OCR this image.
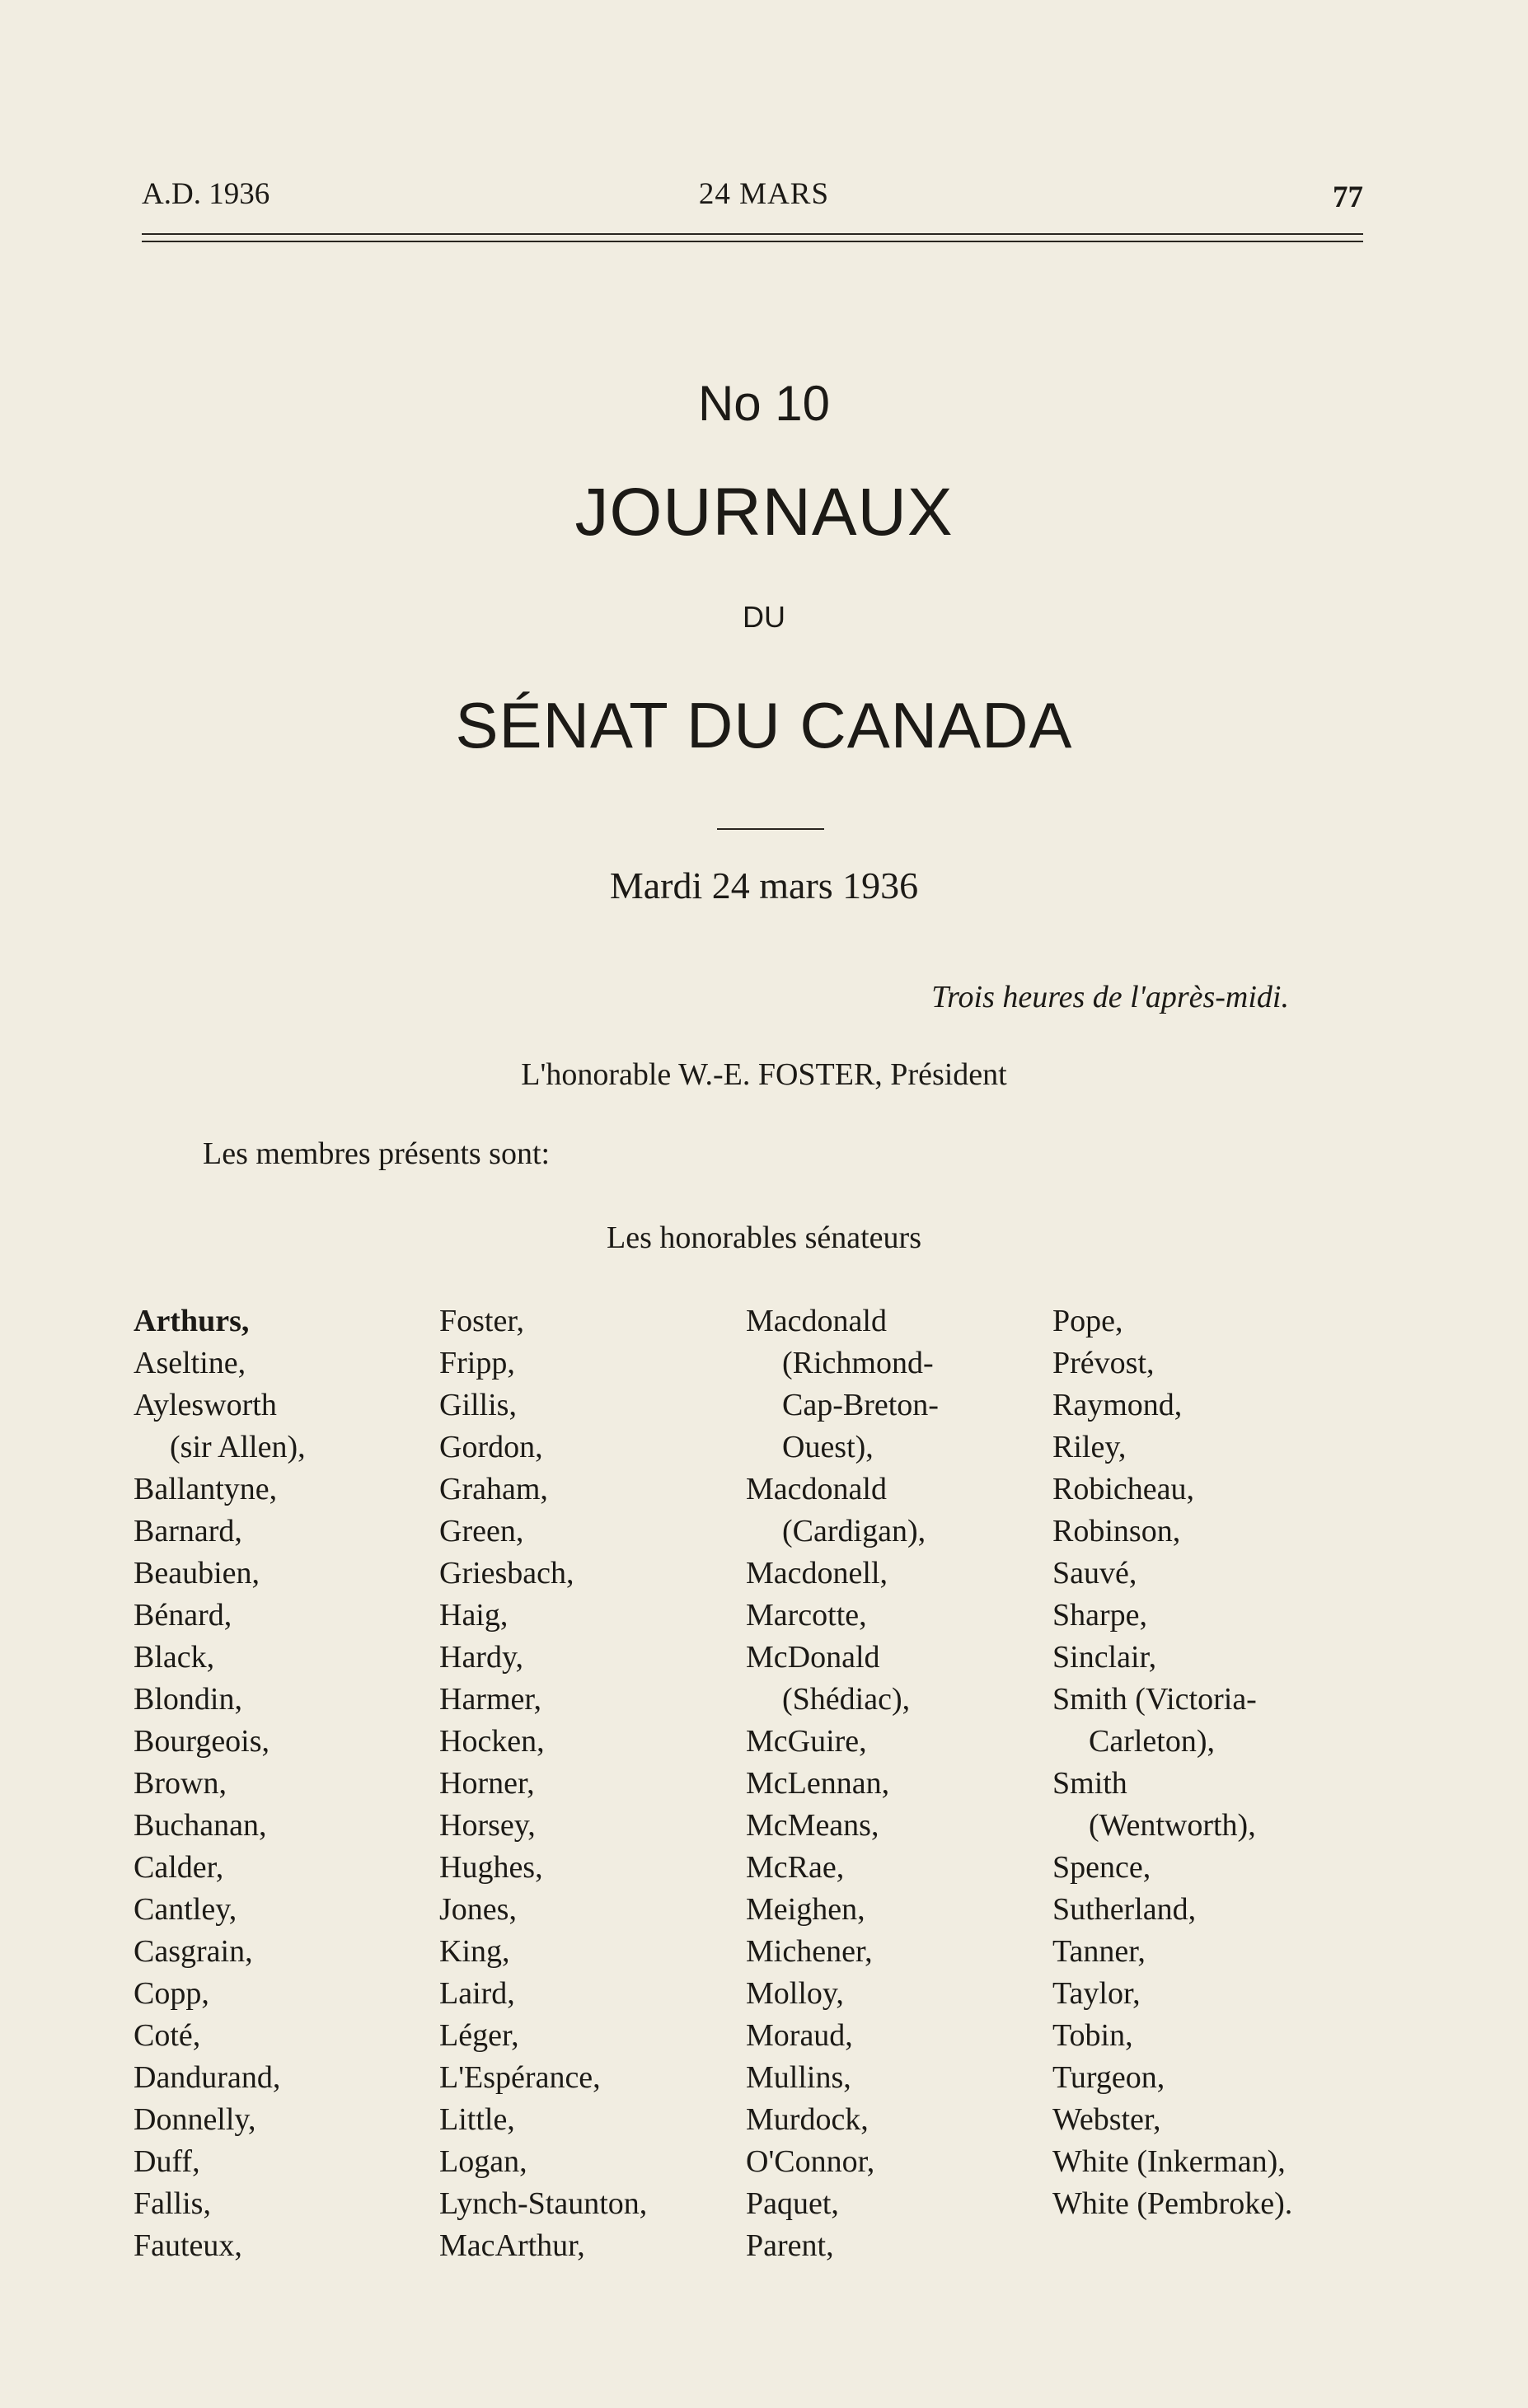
A.D. 1936	24 MARS	77
No 10
JOURNAUX
DU
SÉNAT DU CANADA
Mardi 24 mars 1936
Trois heures de l'après-midi.
L'honorable W.-E. FOSTER, Président
Les membres présents sont:
Les honorables sénateurs
Arthurs,
Aseltine,
Aylesworth
(sir Allen),
Ballantyne,
Barnard,
Beaubien,
Bénard,
Black,
Blondin,
Bourgeois,
Brown,
Buchanan,
Calder,
Cantley,
Casgrain,
Copp,
Coté,
Dandurand,
Donnelly,
Duff,
Fallis,
Fauteux,
Foster,
Fripp,
Gillis,
Gordon,
Graham,
Green,
Griesbach,
Haig,
Hardy,
Harmer,
Hocken,
Horner,
Horsey,
Hughes,
Jones,
King,
Laird,
Léger,
L'Espérance,
Little,
Logan,
Lynch-Staunton,
MacArthur,
Macdonald
(Richmond-
Cap-Breton-
Ouest),
Macdonald
(Cardigan),
Macdonell,
Marcotte,
McDonald
(Shédiac),
McGuire,
McLennan,
McMeans,
McRae,
Meighen,
Michener,
Molloy,
Moraud,
Mullins,
Murdock,
O'Connor,
Paquet,
Parent,
Pope,
Prévost,
Raymond,
Riley,
Robicheau,
Robinson,
Sauvé,
Sharpe,
Sinclair,
Smith (Victoria-
Carleton),
Smith
(Wentworth),
Spence,
Sutherland,
Tanner,
Taylor,
Tobin,
Turgeon,
Webster,
White (Inkerman),
White (Pembroke).
